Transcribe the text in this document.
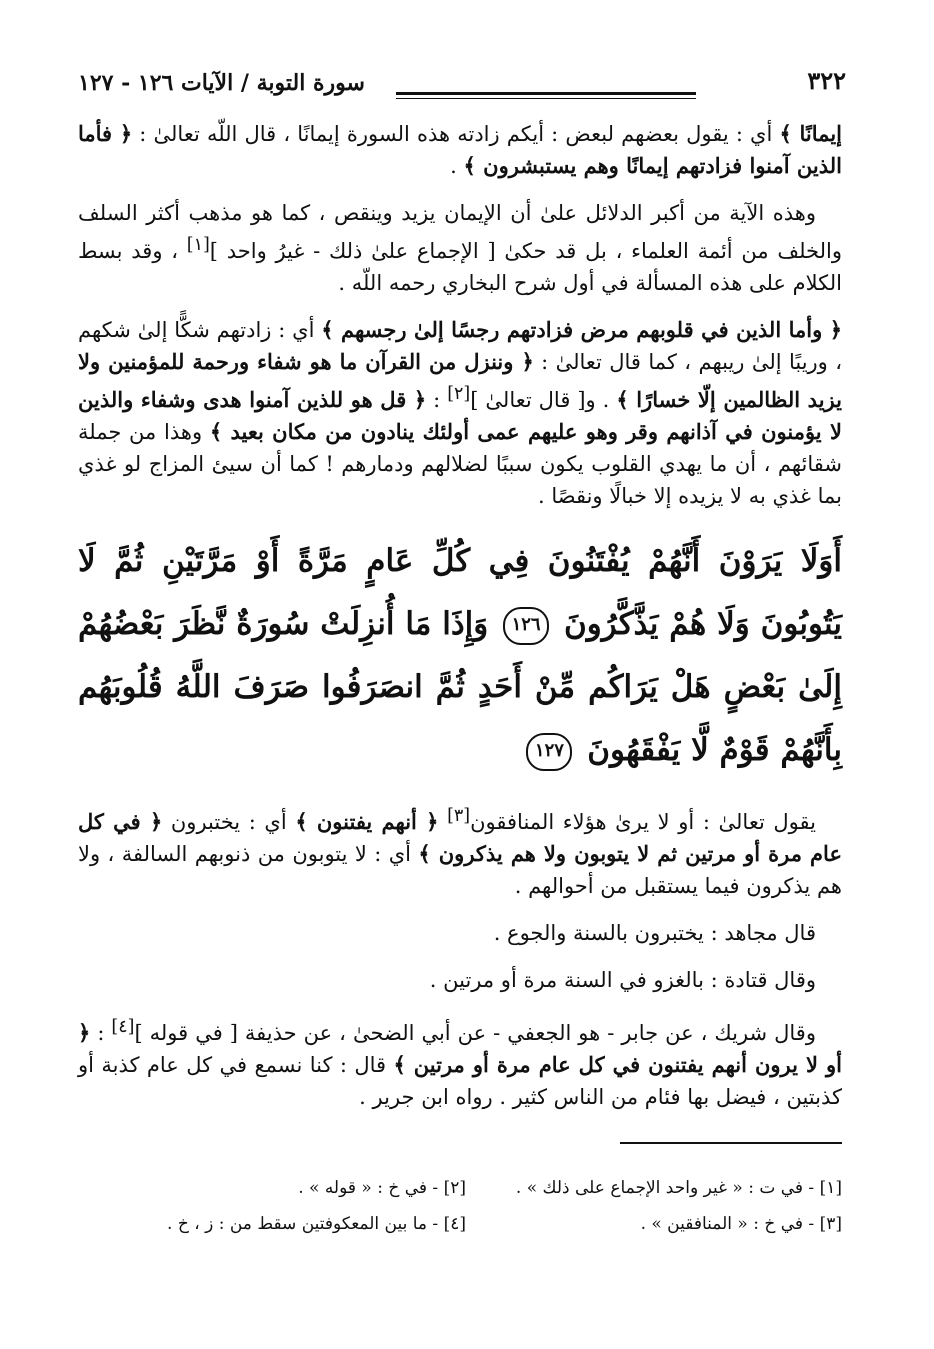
٣٢٢
سورة التوبة / الآيات ١٢٦ - ١٢٧

إيمانًا ﴾ أي : يقول بعضهم لبعض : أيكم زادته هذه السورة إيمانًا ، قال اللّه تعالىٰ : ﴿ فأما الذين آمنوا فزادتهم إيمانًا وهم يستبشرون ﴾ .

وهذه الآية من أكبر الدلائل علىٰ أن الإيمان يزيد وينقص ، كما هو مذهب أكثر السلف والخلف من أئمة العلماء ، بل قد حكىٰ [ الإجماع علىٰ ذلك - غيرُ واحد ][١] ، وقد بسط الكلام على هذه المسألة في أول شرح البخاري رحمه اللّه .

﴿ وأما الذين في قلوبهم مرض فزادتهم رجسًا إلىٰ رجسهم ﴾ أي : زادتهم شكًّا إلىٰ شكهم ، وريبًا إلىٰ ريبهم ، كما قال تعالىٰ : ﴿ وننزل من القرآن ما هو شفاء ورحمة للمؤمنين ولا يزيد الظالمين إلّا خسارًا ﴾ . و[ قال تعالىٰ ][٢] : ﴿ قل هو للذين آمنوا هدى وشفاء والذين لا يؤمنون في آذانهم وقر وهو عليهم عمى أولئك ينادون من مكان بعيد ﴾ وهذا من جملة شقائهم ، أن ما يهدي القلوب يكون سببًا لضلالهم ودمارهم ! كما أن سيئ المزاج لو غذي بما غذي به لا يزيده إلا خبالًا ونقصًا .

أَوَلَا يَرَوْنَ أَنَّهُمْ يُفْتَنُونَ فِي كُلِّ عَامٍ مَرَّةً أَوْ مَرَّتَيْنِ ثُمَّ لَا يَتُوبُونَ وَلَا هُمْ يَذَّكَّرُونَ ١٢٦ وَإِذَا مَا أُنزِلَتْ سُورَةٌ نَّظَرَ بَعْضُهُمْ إِلَىٰ بَعْضٍ هَلْ يَرَاكُم مِّنْ أَحَدٍ ثُمَّ انصَرَفُوا صَرَفَ اللَّهُ قُلُوبَهُم بِأَنَّهُمْ قَوْمٌ لَّا يَفْقَهُونَ ١٢٧

يقول تعالىٰ : أو لا يرىٰ هؤلاء المنافقون[٣] ﴿ أنهم يفتنون ﴾ أي : يختبرون ﴿ في كل عام مرة أو مرتين ثم لا يتوبون ولا هم يذكرون ﴾ أي : لا يتوبون من ذنوبهم السالفة ، ولا هم يذكرون فيما يستقبل من أحوالهم .

قال مجاهد : يختبرون بالسنة والجوع .

وقال قتادة : بالغزو في السنة مرة أو مرتين .

وقال شريك ، عن جابر - هو الجعفي - عن أبي الضحىٰ ، عن حذيفة [ في قوله ][٤] : ﴿ أو لا يرون أنهم يفتنون في كل عام مرة أو مرتين ﴾ قال : كنا نسمع في كل عام كذبة أو كذبتين ، فيضل بها فئام من الناس كثير . رواه ابن جرير .

[١] - في ت : « غير واحد الإجماع على ذلك » .
[٢] - في خ : « قوله » .
[٣] - في خ : « المنافقين » .
[٤] - ما بين المعكوفتين سقط من : ز ، خ .
